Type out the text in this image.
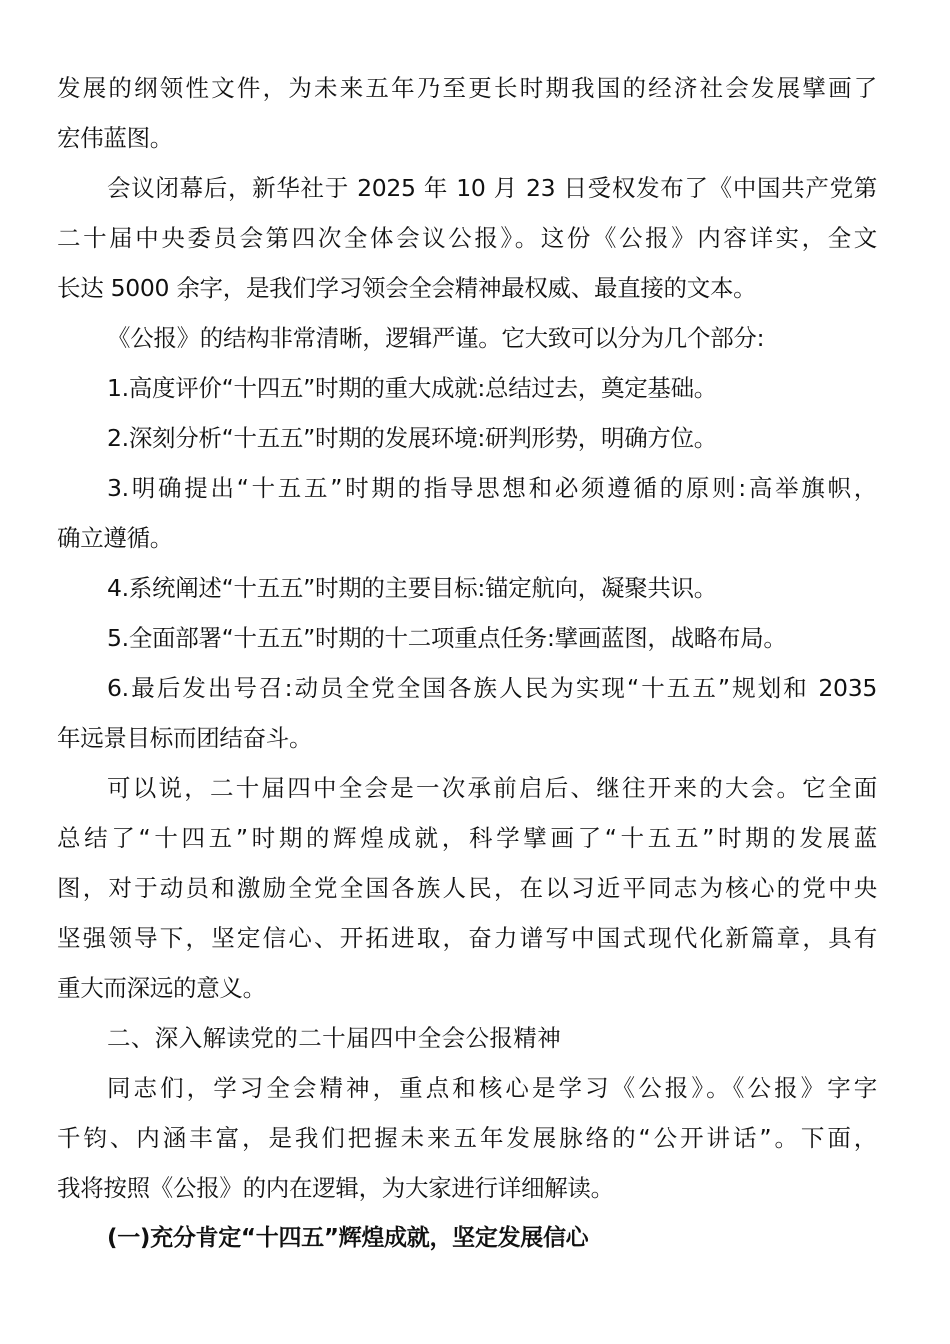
发展的纲领性文件，为未来五年乃至更长时期我国的经济社会发展擘画了
宏伟蓝图。
会议闭幕后，新华社于 2025 年 10 月 23 日受权发布了《中国共产党第
二十届中央委员会第四次全体会议公报》。这份《公报》内容详实，全文
长达 5000 余字，是我们学习领会全会精神最权威、最直接的文本。
《公报》的结构非常清晰，逻辑严谨。它大致可以分为几个部分:
1.高度评价“十四五”时期的重大成就:总结过去，奠定基础。
2.深刻分析“十五五”时期的发展环境:研判形势，明确方位。
3.明确提出“十五五”时期的指导思想和必须遵循的原则:高举旗帜，
确立遵循。
4.系统阐述“十五五”时期的主要目标:锚定航向，凝聚共识。
5.全面部署“十五五”时期的十二项重点任务:擘画蓝图，战略布局。
6.最后发出号召:动员全党全国各族人民为实现“十五五”规划和 2035
年远景目标而团结奋斗。
可以说，二十届四中全会是一次承前启后、继往开来的大会。它全面
总结了“十四五”时期的辉煌成就，科学擘画了“十五五”时期的发展蓝
图，对于动员和激励全党全国各族人民，在以习近平同志为核心的党中央
坚强领导下，坚定信心、开拓进取，奋力谱写中国式现代化新篇章，具有
重大而深远的意义。
二、深入解读党的二十届四中全会公报精神
同志们，学习全会精神，重点和核心是学习《公报》。《公报》字字
千钧、内涵丰富，是我们把握未来五年发展脉络的“公开讲话”。下面，
我将按照《公报》的内在逻辑，为大家进行详细解读。
(一)充分肯定“十四五”辉煌成就，坚定发展信心
